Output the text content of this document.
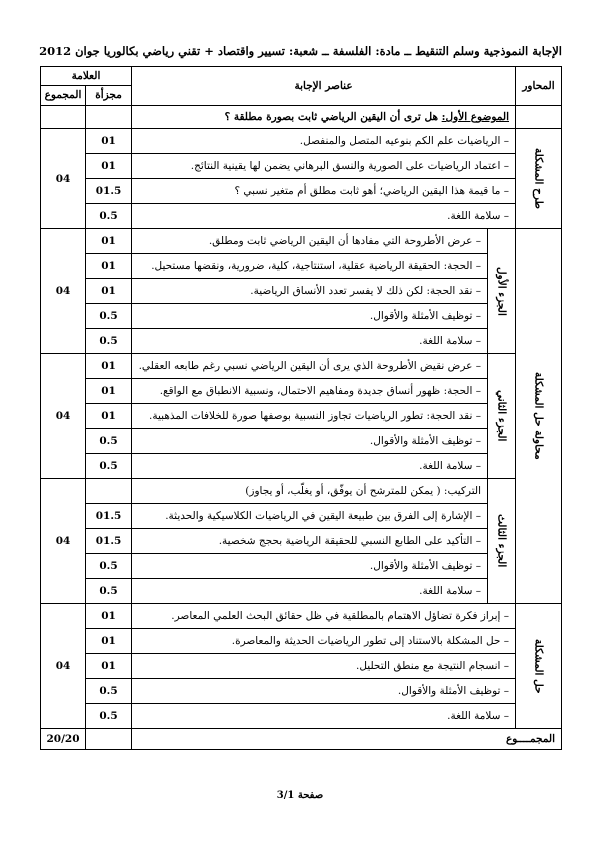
الإجابة النموذجية وسلم التنقيط ــ مادة: الفلسفة ــ شعبة: تسيير واقتصاد + تقني رياضي بكالوريا جوان 2012
المحاور	عناصر الإجابة		العلامة	
			مجزأة	المجموع
	الموضوع الأول: هل ترى أن اليقين الرياضي ثابت بصورة مطلقة ؟			
طرح المشكلة	– الرياضيات علم الكم بنوعيه المتصل والمنفصل.		01	04
	– اعتماد الرياضيات على الصورية والنسق البرهاني يضمن لها يقينية النتائج.		01	
	– ما قيمة هذا اليقين الرياضي؛ أهو ثابت مطلق أم متغير نسبي ؟		01.5	
	– سلامة اللغة.		0.5	
محاولة حل المشكلة	الجزء الأول	– عرض الأطروحة التي مفادها أن اليقين الرياضي ثابت ومطلق.	01	04
		– الحجة: الحقيقة الرياضية عقلية، استنتاجية، كلية، ضرورية، ونقضها مستحيل.	01	
		– نقد الحجة: لكن ذلك لا يفسر تعدد الأنساق الرياضية.	01	
		– توظيف الأمثلة والأقوال.	0.5	
		– سلامة اللغة.	0.5	
	الجزء الثاني	– عرض نقيض الأطروحة الذي يرى أن اليقين الرياضي نسبي رغم طابعه العقلي.	01	04
		– الحجة: ظهور أنساق جديدة ومفاهيم الاحتمال، ونسبية الانطباق مع الواقع.	01	
		– نقد الحجة: تطور الرياضيات تجاوز النسبية بوصفها صورة للخلافات المذهبية.	01	
		– توظيف الأمثلة والأقوال.	0.5	
		– سلامة اللغة.	0.5	
	الجزء الثالث	التركيب: ( يمكن للمترشح أن يوفّق، أو يغلّب، أو يجاوز)		04
		– الإشارة إلى الفرق بين طبيعة اليقين في الرياضيات الكلاسيكية والحديثة.	01.5	
		– التأكيد على الطابع النسبي للحقيقة الرياضية بحجج شخصية.	01.5	
		– توظيف الأمثلة والأقوال.	0.5	
		– سلامة اللغة.	0.5	
حل المشكلة	– إبراز فكرة تضاؤل الاهتمام بالمطلقية في ظل حقائق البحث العلمي المعاصر.		01	04
	– حل المشكلة بالاستناد إلى تطور الرياضيات الحديثة والمعاصرة.		01	
	– انسجام النتيجة مع منطق التحليل.		01	
	– توظيف الأمثلة والأقوال.		0.5	
	– سلامة اللغة.		0.5	
المجمــــوع				20/20
صفحة 3/1
